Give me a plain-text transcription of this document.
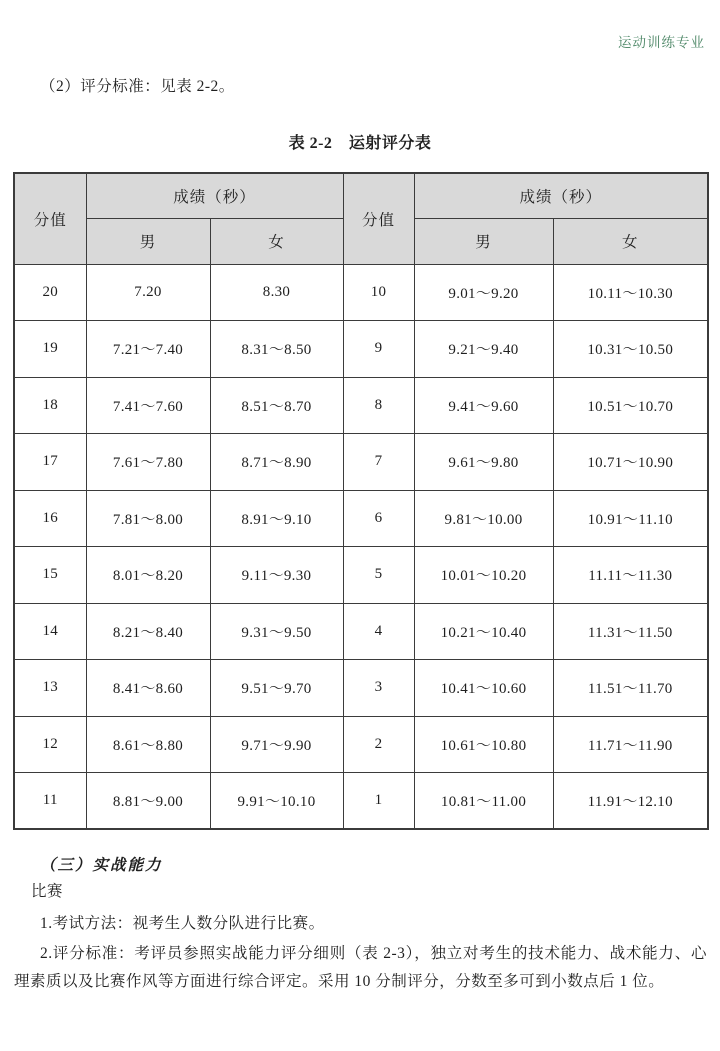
运动训练专业

（2）评分标准：见表 2-2。

表 2-2　运射评分表
分值	成绩（秒）		分值	成绩（秒）	
	男	女		男	女
20	7.20	8.30	10	9.01～9.20	10.11～10.30
19	7.21～7.40	8.31～8.50	9	9.21～9.40	10.31～10.50
18	7.41～7.60	8.51～8.70	8	9.41～9.60	10.51～10.70
17	7.61～7.80	8.71～8.90	7	9.61～9.80	10.71～10.90
16	7.81～8.00	8.91～9.10	6	9.81～10.00	10.91～11.10
15	8.01～8.20	9.11～9.30	5	10.01～10.20	11.11～11.30
14	8.21～8.40	9.31～9.50	4	10.21～10.40	11.31～11.50
13	8.41～8.60	9.51～9.70	3	10.41～10.60	11.51～11.70
12	8.61～8.80	9.71～9.90	2	10.61～10.80	11.71～11.90
11	8.81～9.00	9.91～10.10	1	10.81～11.00	11.91～12.10

（三）实战能力

比赛

1.考试方法：视考生人数分队进行比赛。

2.评分标准：考评员参照实战能力评分细则（表 2-3），独立对考生的技术能力、战术能力、心理素质以及比赛作风等方面进行综合评定。采用 10 分制评分，分数至多可到小数点后 1 位。
